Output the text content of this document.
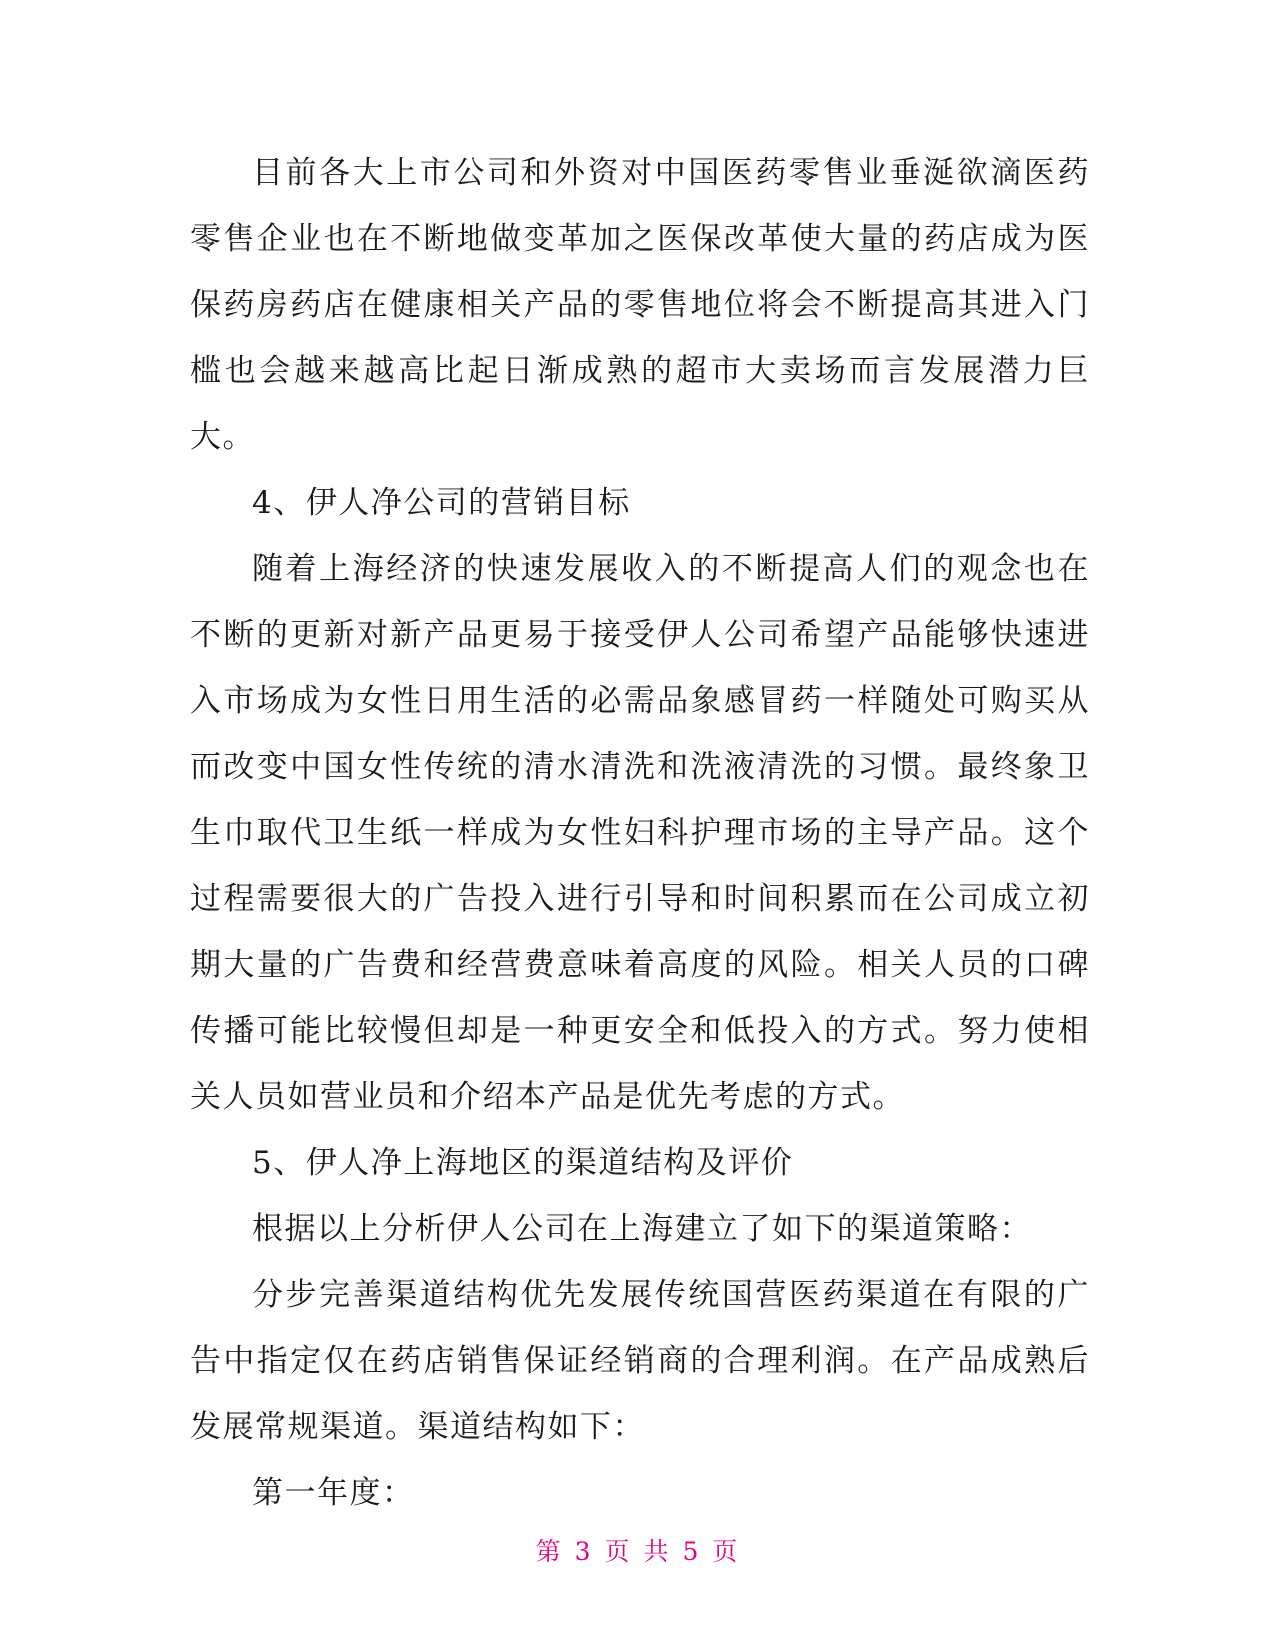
目前各大上市公司和外资对中国医药零售业垂涎欲滴医药零售企业也在不断地做变革加之医保改革使大量的药店成为医保药房药店在健康相关产品的零售地位将会不断提高其进入门槛也会越来越高比起日渐成熟的超市大卖场而言发展潜力巨大。

4、伊人净公司的营销目标

随着上海经济的快速发展收入的不断提高人们的观念也在不断的更新对新产品更易于接受伊人公司希望产品能够快速进入市场成为女性日用生活的必需品象感冒药一样随处可购买从而改变中国女性传统的清水清洗和洗液清洗的习惯。最终象卫生巾取代卫生纸一样成为女性妇科护理市场的主导产品。这个过程需要很大的广告投入进行引导和时间积累而在公司成立初期大量的广告费和经营费意味着高度的风险。相关人员的口碑传播可能比较慢但却是一种更安全和低投入的方式。努力使相关人员如营业员和介绍本产品是优先考虑的方式。

5、伊人净上海地区的渠道结构及评价

根据以上分析伊人公司在上海建立了如下的渠道策略：

分步完善渠道结构优先发展传统国营医药渠道在有限的广告中指定仅在药店销售保证经销商的合理利润。在产品成熟后发展常规渠道。渠道结构如下：

第一年度：

第 3 页 共 5 页
